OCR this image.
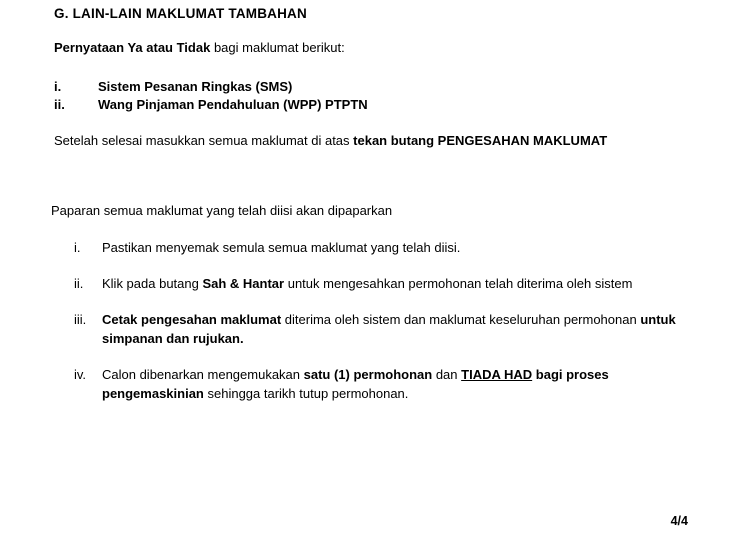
G. LAIN-LAIN MAKLUMAT TAMBAHAN
Pernyataan Ya atau Tidak bagi maklumat berikut:
i.	Sistem Pesanan Ringkas (SMS)
ii.	Wang Pinjaman Pendahuluan (WPP) PTPTN
Setelah selesai masukkan semua maklumat di atas tekan butang PENGESAHAN MAKLUMAT
Paparan semua maklumat yang telah diisi akan dipaparkan
i.	Pastikan menyemak semula semua maklumat yang telah diisi.
ii.	Klik pada butang Sah & Hantar untuk mengesahkan permohonan telah diterima oleh sistem
iii.	Cetak pengesahan maklumat diterima oleh sistem dan maklumat keseluruhan permohonan untuk simpanan dan rujukan.
iv.	Calon dibenarkan mengemukakan satu (1) permohonan dan TIADA HAD bagi proses pengemaskinian sehingga tarikh tutup permohonan.
4/4
